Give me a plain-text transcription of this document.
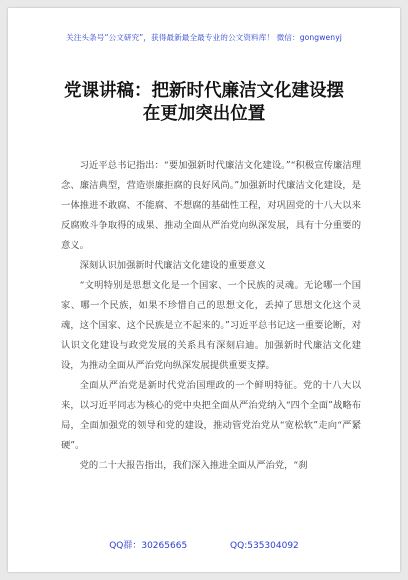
关注头条号“公文研究”，获得最新最全最专业的公文资料库！ 微信：gongwenyj
党课讲稿：把新时代廉洁文化建设摆
在更加突出位置

习近平总书记指出：“要加强新时代廉洁文化建设。”“积极宣传廉洁理念、廉洁典型，营造崇廉拒腐的良好风尚。”加强新时代廉洁文化建设，是一体推进不敢腐、不能腐、不想腐的基础性工程，对巩固党的十八大以来反腐败斗争取得的成果、推动全面从严治党向纵深发展，具有十分重要的意义。

深刻认识加强新时代廉洁文化建设的重要意义

“文明特别是思想文化是一个国家、一个民族的灵魂。无论哪一个国家、哪一个民族，如果不珍惜自己的思想文化，丢掉了思想文化这个灵魂，这个国家、这个民族是立不起来的。”习近平总书记这一重要论断，对认识文化建设与政党发展的关系具有深刻启迪。加强新时代廉洁文化建设，为推动全面从严治党向纵深发展提供重要支撑。

全面从严治党是新时代党治国理政的一个鲜明特征。党的十八大以来，以习近平同志为核心的党中央把全面从严治党纳入“四个全面”战略布局，全面加强党的领导和党的建设，推动管党治党从“宽松软”走向“严紧硬”。

党的二十大报告指出，我们深入推进全面从严治党，“刹

QQ群：30265665	QQ:535304092
